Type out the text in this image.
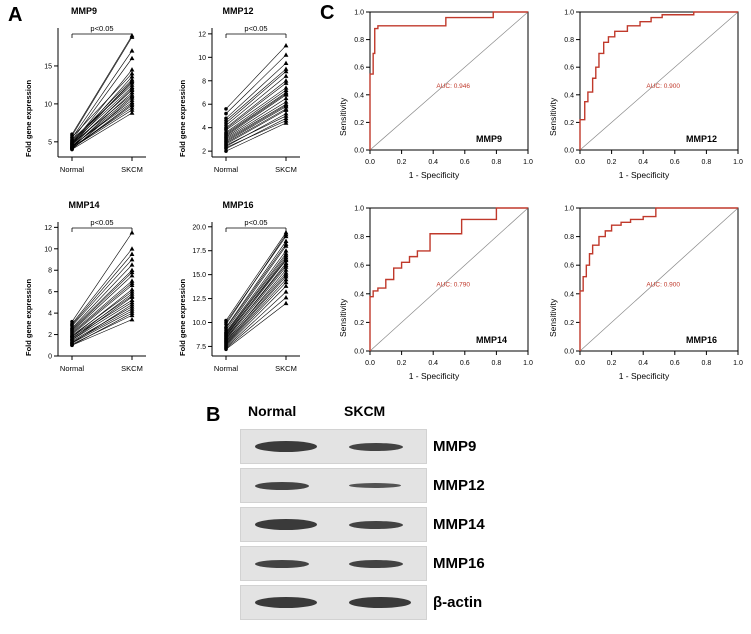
A	C
B
MMP9
Fold gene expression 5
10
15
Normal	SKCM
p<0.05
MMP12
Fold gene expression 2
4
6
8
10
12
Normal	SKCM
p<0.05
MMP14
Fold gene expression
0
2
4
6
8
10
12
Normal	SKCM
p<0.05
MMP16
Fold gene expression 7.5
10.0
12.5
15.0
17.5
20.0
Normal	SKCM
p<0.05
0.0	0.2	0.4	0.6	0.8	1.0
0.0
0.2
0.4
0.6
0.8
1.0
AUC: 0.946
1 - Specificity
Sensitivity
MMP9
0.0	0.2	0.4	0.6	0.8	1.0
0.0
0.2
0.4
0.6
0.8
1.0
AUC: 0.900
1 - Specificity
Sensitivity
MMP12
0.0	0.2	0.4	0.6	0.8	1.0
0.0
0.2
0.4
0.6
0.8
1.0
AUC: 0.790
1 - Specificity
Sensitivity
MMP14
0.0	0.2	0.4	0.6	0.8	1.0
0.0
0.2
0.4
0.6
0.8
1.0
AUC: 0.900
1 - Specificity
Sensitivity
MMP16
Normal	SKCM
MMP9
MMP12
MMP14
MMP16
β-actin
